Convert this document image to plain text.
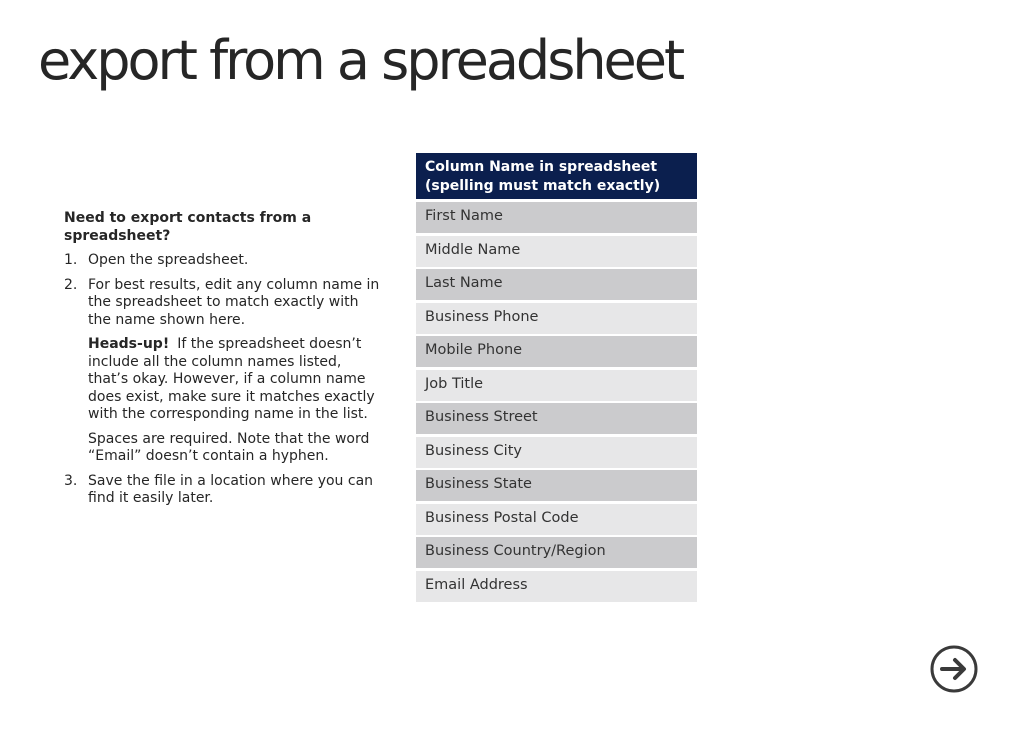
export from a spreadsheet

Need to export contacts from a spreadsheet?

1. Open the spreadsheet.

2. For best results, edit any column name in the spreadsheet to match exactly with the name shown here.

Heads-up! If the spreadsheet doesn’t include all the column names listed, that’s okay. However, if a column name does exist, make sure it matches exactly with the corresponding name in the list.

Spaces are required. Note that the word “Email” doesn’t contain a hyphen.

3. Save the file in a location where you can find it easily later.

Column Name in spreadsheet
(spelling must match exactly)
First Name
Middle Name
Last Name
Business Phone
Mobile Phone
Job Title
Business Street
Business City
Business State
Business Postal Code
Business Country/Region
Email Address
